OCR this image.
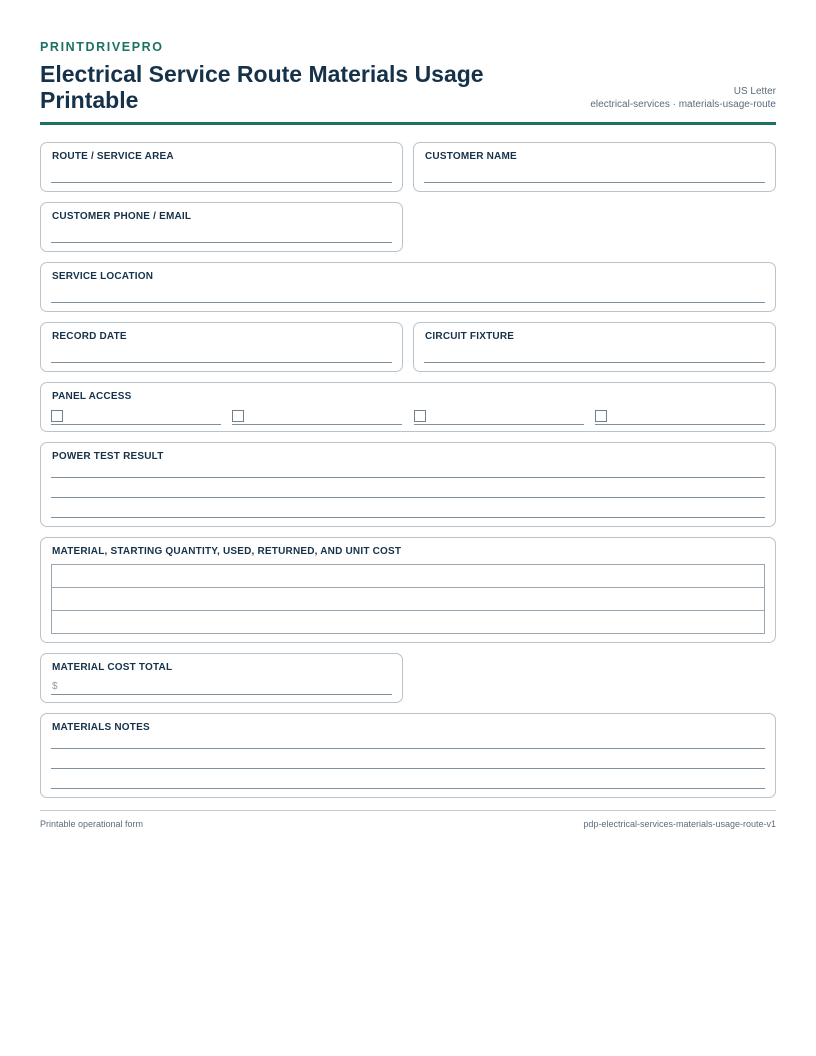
PRINTDRIVEPRO
Electrical Service Route Materials Usage Printable	US Letter
electrical-services · materials-usage-route
ROUTE / SERVICE AREA	CUSTOMER NAME
CUSTOMER PHONE / EMAIL
SERVICE LOCATION
RECORD DATE	CIRCUIT FIXTURE
PANEL ACCESS
POWER TEST RESULT
MATERIAL, STARTING QUANTITY, USED, RETURNED, AND UNIT COST

MATERIAL COST TOTAL
$
MATERIALS NOTES
Printable operational form	pdp-electrical-services-materials-usage-route-v1
